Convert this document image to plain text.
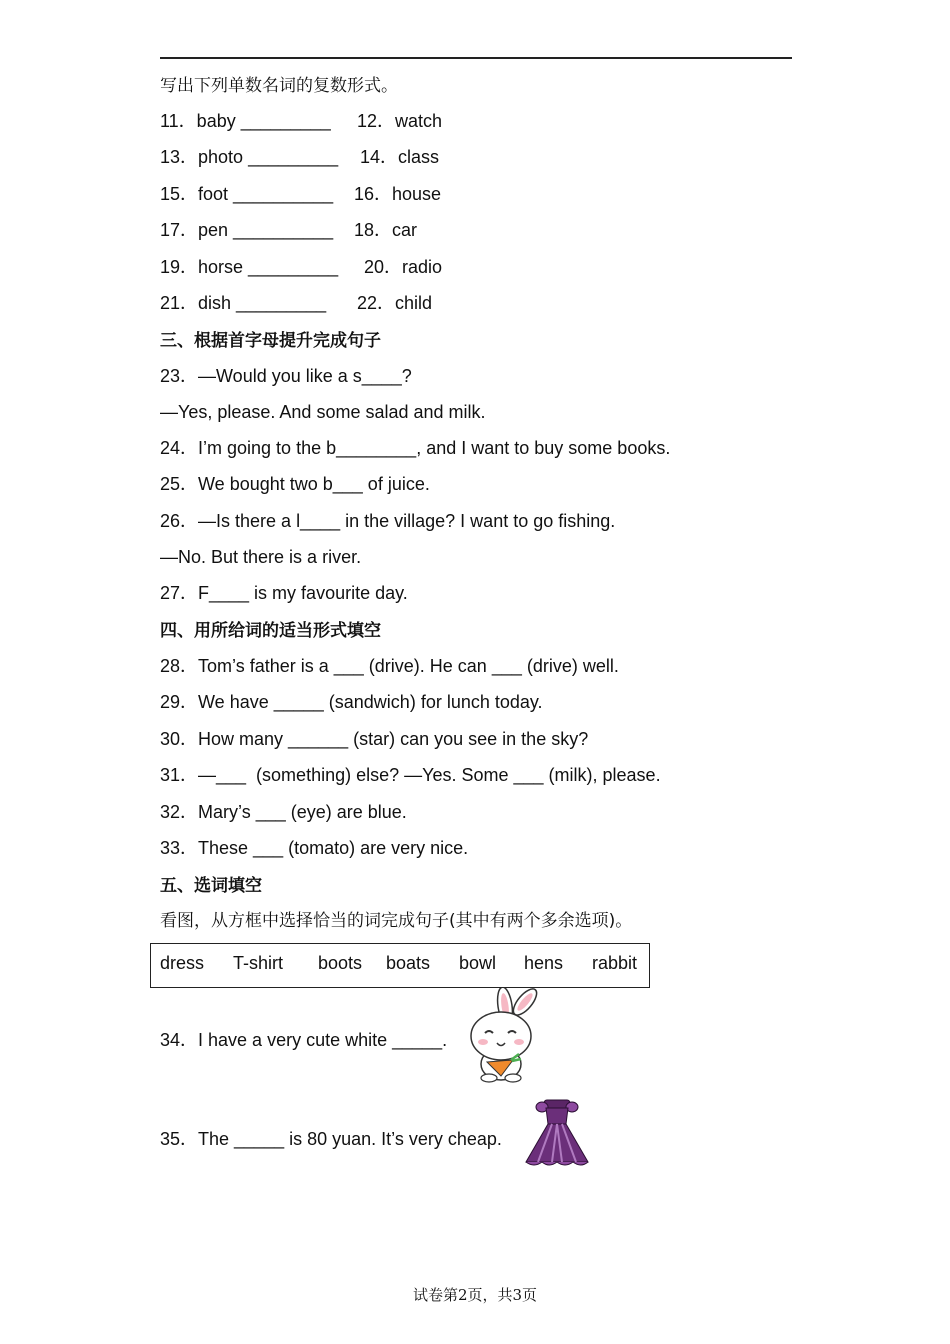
写出下列单数名词的复数形式。
11．baby _________ 12．watch
13．photo _________ 14．class
15．foot __________ 16．house
17．pen __________ 18．car
19．horse _________ 20．radio
21．dish _________ 22．child
三、根据首字母提升完成句子
23．—Would you like a s____?
—Yes, please. And some salad and milk.
24．I’m going to the b________, and I want to buy some books.
25．We bought two b___ of juice.
26．—Is there a l____ in the village? I want to go fishing.
—No. But there is a river.
27．F____ is my favourite day.
四、用所给词的适当形式填空
28．Tom’s father is a ___ (drive). He can ___ (drive) well.
29．We have _____ (sandwich) for lunch today.
30．How many ______ (star) can you see in the sky?
31．—___  (something) else? —Yes. Some ___ (milk), please.
32．Mary’s ___ (eye) are blue.
33．These ___ (tomato) are very nice.
五、选词填空
看图，从方框中选择恰当的词完成句子(其中有两个多余选项)。
dress T-shirt boots boats bowl hens rabbit
34．I have a very cute white _____.
35．The _____ is 80 yuan. It’s very cheap.
试卷第2页，共3页
